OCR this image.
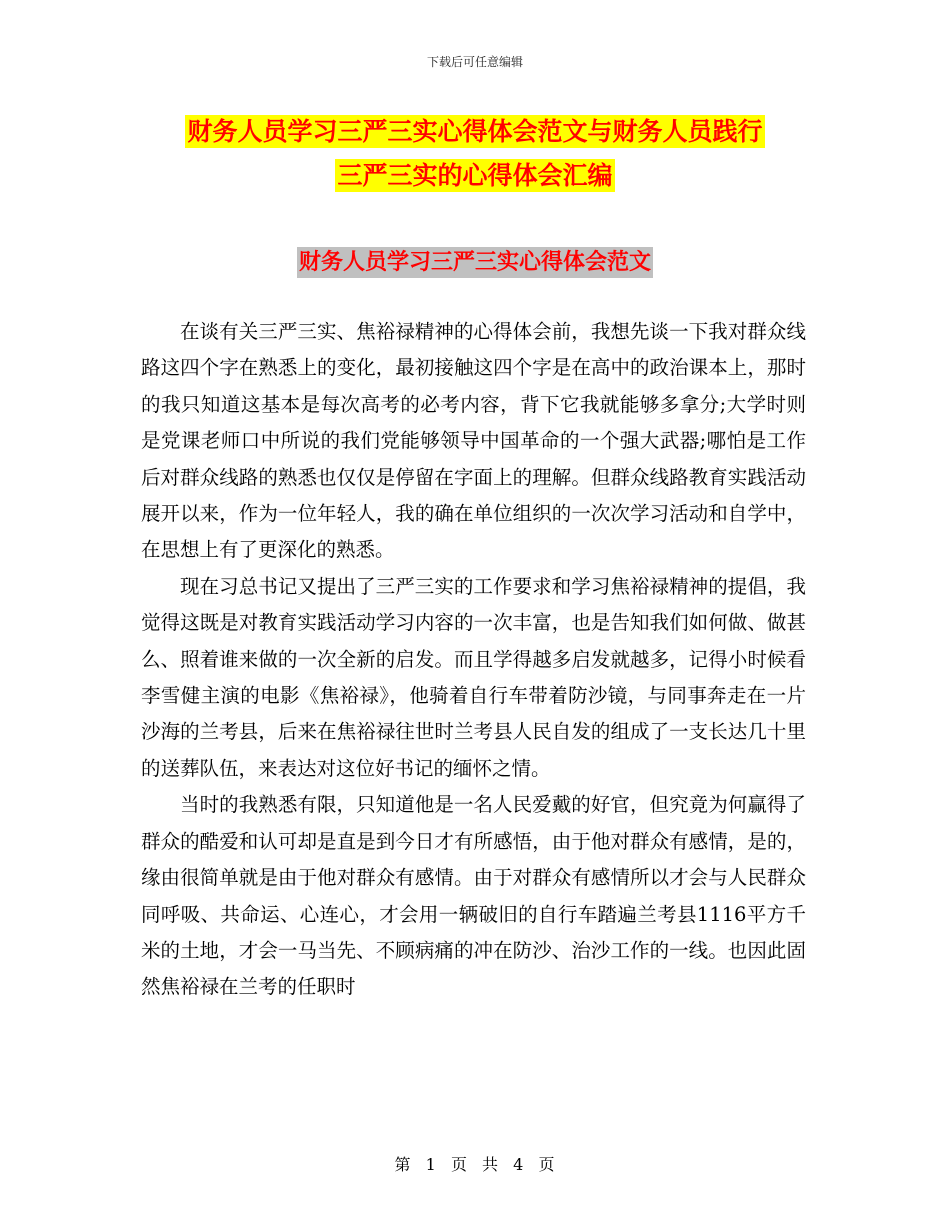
下载后可任意编辑
财务人员学习三严三实心得体会范文与财务人员践行
三严三实的心得体会汇编
财务人员学习三严三实心得体会范文

在谈有关三严三实、焦裕禄精神的心得体会前，我想先谈一下我对群众线路这四个字在熟悉上的变化，最初接触这四个字是在高中的政治课本上，那时的我只知道这基本是每次高考的必考内容，背下它我就能够多拿分;大学时则是党课老师口中所说的我们党能够领导中国革命的一个强大武器;哪怕是工作后对群众线路的熟悉也仅仅是停留在字面上的理解。但群众线路教育实践活动展开以来，作为一位年轻人，我的确在单位组织的一次次学习活动和自学中，在思想上有了更深化的熟悉。

现在习总书记又提出了三严三实的工作要求和学习焦裕禄精神的提倡，我觉得这既是对教育实践活动学习内容的一次丰富，也是告知我们如何做、做甚么、照着谁来做的一次全新的启发。而且学得越多启发就越多，记得小时候看李雪健主演的电影《焦裕禄》，他骑着自行车带着防沙镜，与同事奔走在一片沙海的兰考县，后来在焦裕禄往世时兰考县人民自发的组成了一支长达几十里的送葬队伍，来表达对这位好书记的缅怀之情。

当时的我熟悉有限，只知道他是一名人民爱戴的好官，但究竟为何赢得了群众的酷爱和认可却是直是到今日才有所感悟，由于他对群众有感情，是的，缘由很简单就是由于他对群众有感情。由于对群众有感情所以才会与人民群众同呼吸、共命运、心连心，才会用一辆破旧的自行车踏遍兰考县1116平方千米的土地，才会一马当先、不顾病痛的冲在防沙、治沙工作的一线。也因此固然焦裕禄在兰考的任职时

第 1 页 共 4 页
